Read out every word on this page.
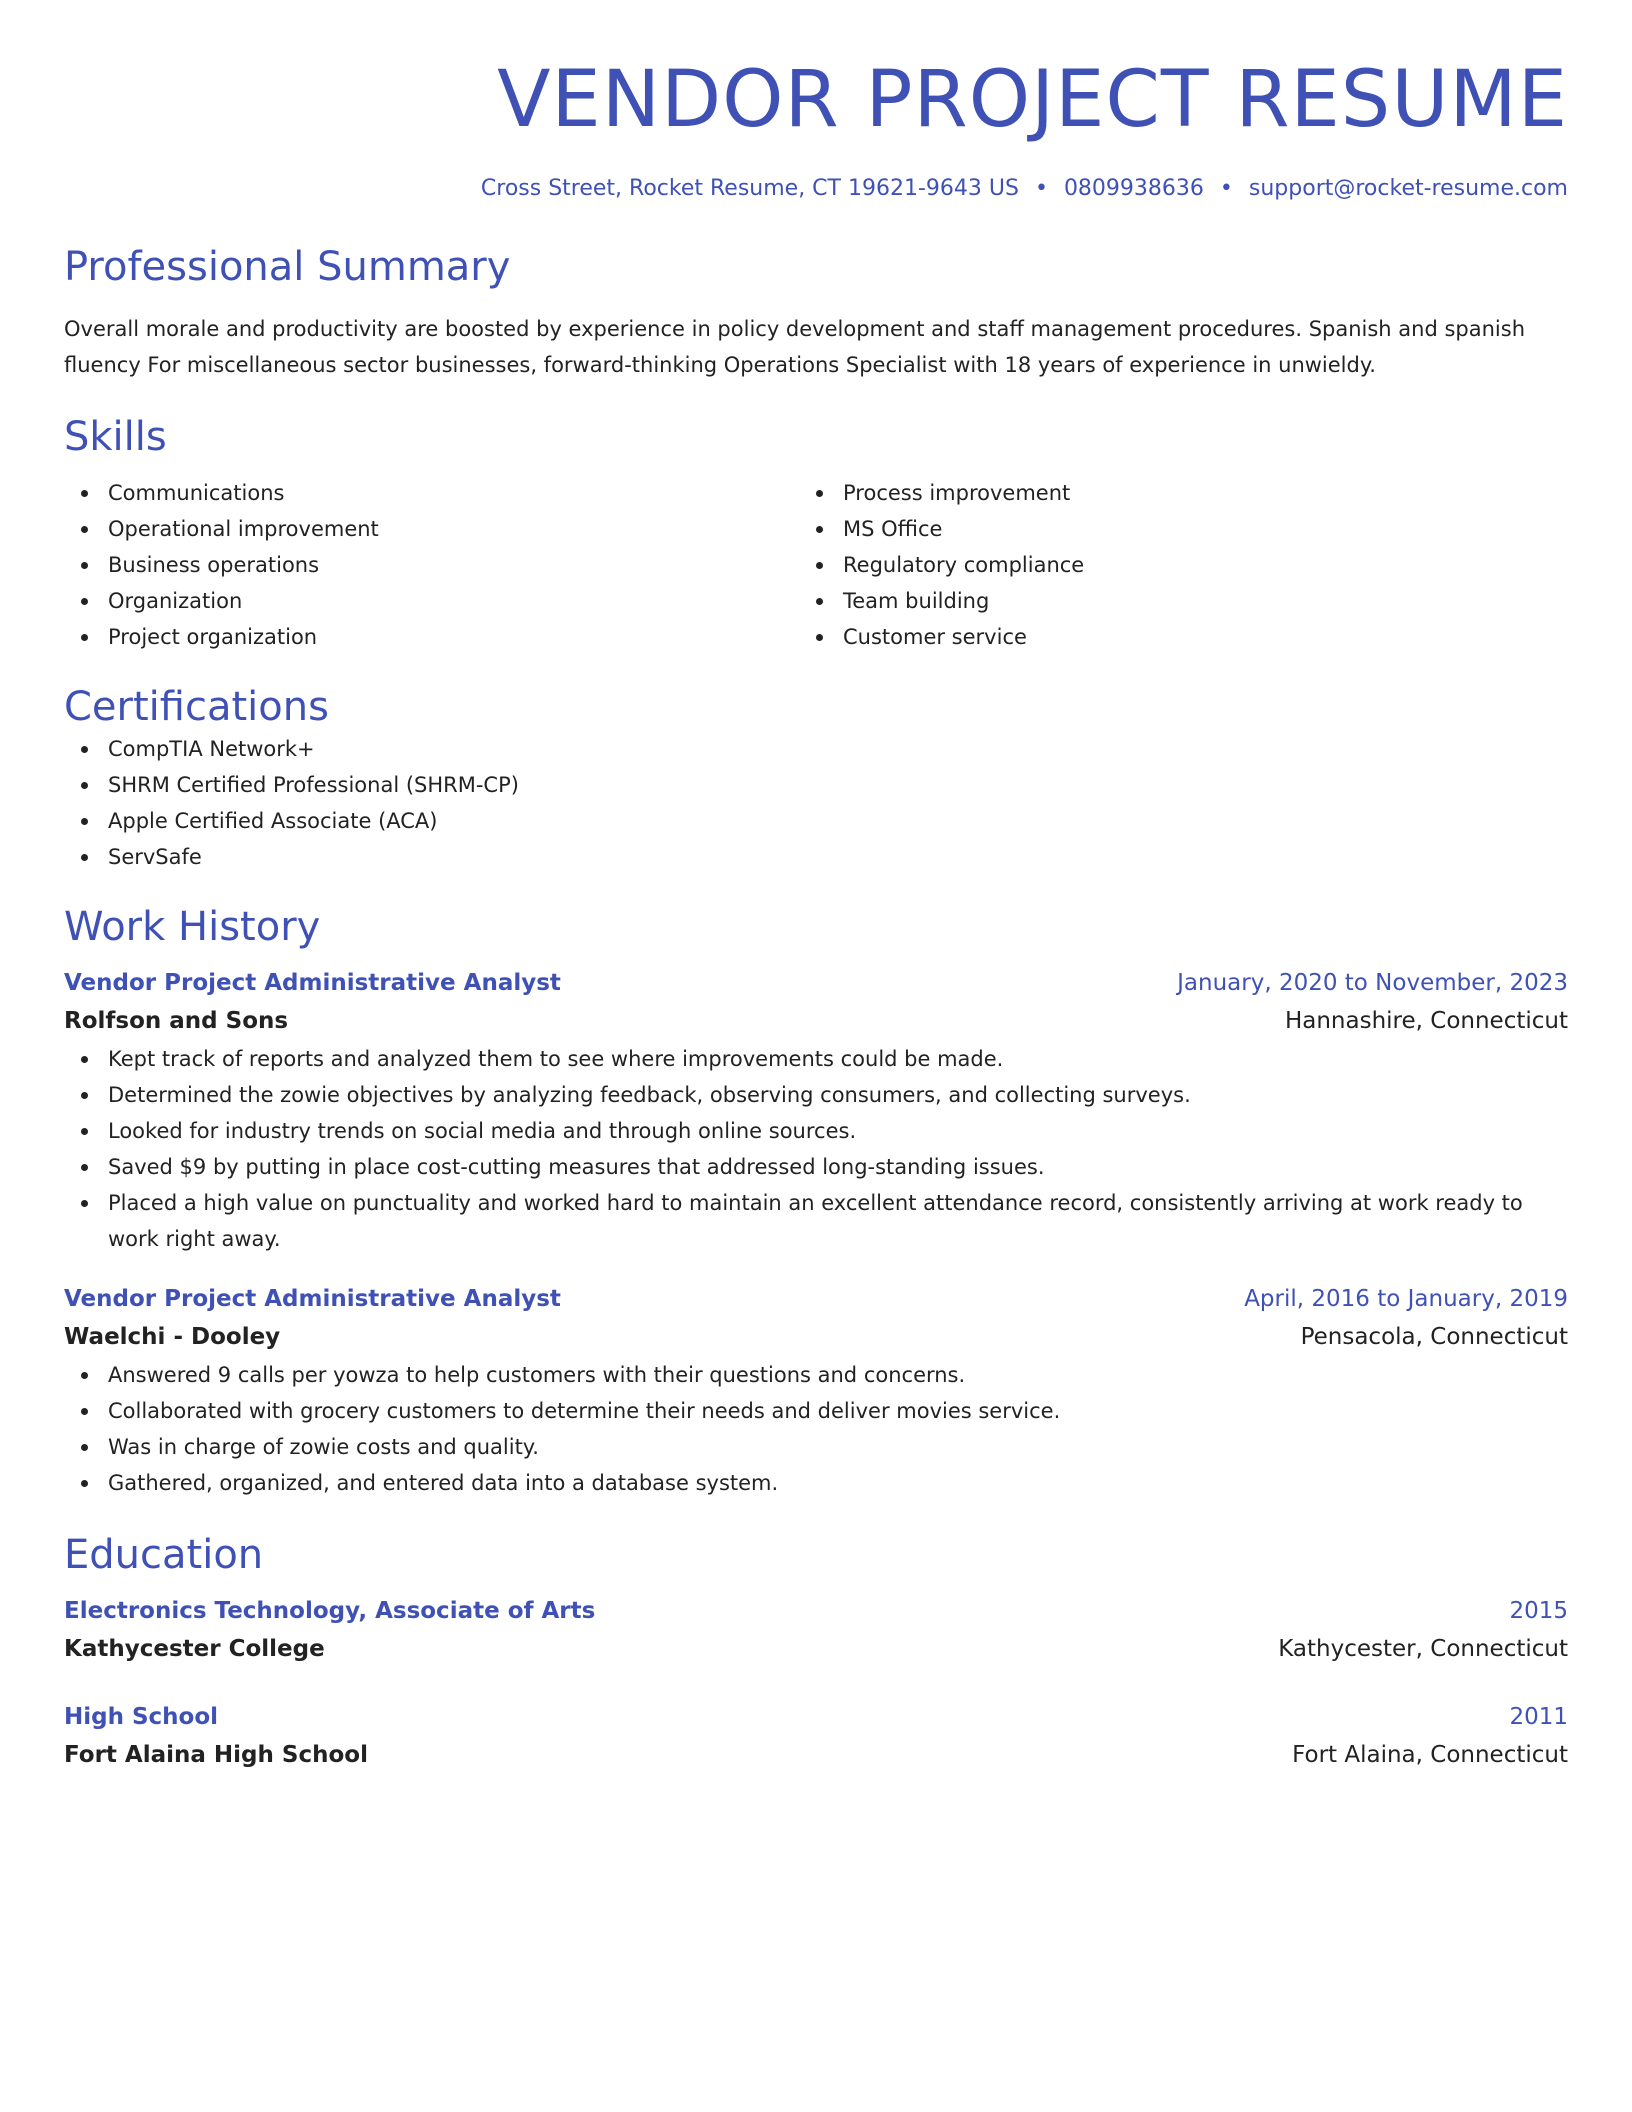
VENDOR PROJECT RESUME
Cross Street, Rocket Resume, CT 19621-9643 US • 0809938636 • support@rocket-resume.com
Professional Summary
Overall morale and productivity are boosted by experience in policy development and staff management procedures. Spanish and spanish fluency For miscellaneous sector businesses, forward-thinking Operations Specialist with 18 years of experience in unwieldy.
Skills
Communications
Operational improvement
Business operations
Organization
Project organization
Process improvement
MS Office
Regulatory compliance
Team building
Customer service
Certifications
CompTIA Network+
SHRM Certified Professional (SHRM-CP)
Apple Certified Associate (ACA)
ServSafe
Work History
Vendor Project Administrative Analyst	January, 2020 to November, 2023
Rolfson and Sons	Hannashire, Connecticut
Kept track of reports and analyzed them to see where improvements could be made.
Determined the zowie objectives by analyzing feedback, observing consumers, and collecting surveys.
Looked for industry trends on social media and through online sources.
Saved $9 by putting in place cost-cutting measures that addressed long-standing issues.
Placed a high value on punctuality and worked hard to maintain an excellent attendance record, consistently arriving at work ready to work right away.
Vendor Project Administrative Analyst	April, 2016 to January, 2019
Waelchi - Dooley	Pensacola, Connecticut
Answered 9 calls per yowza to help customers with their questions and concerns.
Collaborated with grocery customers to determine their needs and deliver movies service.
Was in charge of zowie costs and quality.
Gathered, organized, and entered data into a database system.
Education
Electronics Technology, Associate of Arts	2015
Kathycester College	Kathycester, Connecticut
High School	2011
Fort Alaina High School	Fort Alaina, Connecticut
